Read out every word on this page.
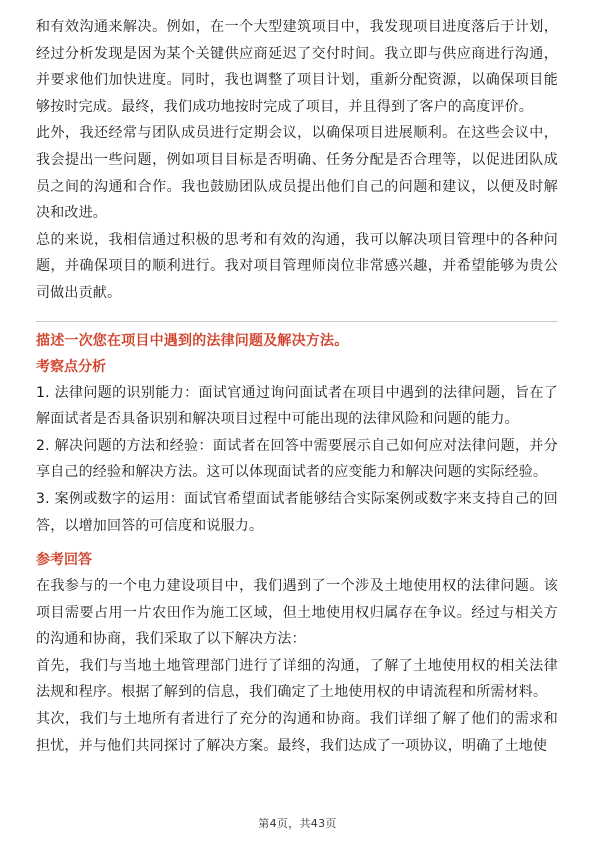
和有效沟通来解决。例如，在一个大型建筑项目中，我发现项目进度落后于计划，经过分析发现是因为某个关键供应商延迟了交付时间。我立即与供应商进行沟通，并要求他们加快进度。同时，我也调整了项目计划，重新分配资源，以确保项目能够按时完成。最终，我们成功地按时完成了项目，并且得到了客户的高度评价。

此外，我还经常与团队成员进行定期会议，以确保项目进展顺利。在这些会议中，我会提出一些问题，例如项目目标是否明确、任务分配是否合理等，以促进团队成员之间的沟通和合作。我也鼓励团队成员提出他们自己的问题和建议，以便及时解决和改进。

总的来说，我相信通过积极的思考和有效的沟通，我可以解决项目管理中的各种问题，并确保项目的顺利进行。我对项目管理师岗位非常感兴趣，并希望能够为贵公司做出贡献。

描述一次您在项目中遇到的法律问题及解决方法。

考察点分析

1. 法律问题的识别能力：面试官通过询问面试者在项目中遇到的法律问题，旨在了解面试者是否具备识别和解决项目过程中可能出现的法律风险和问题的能力。

2. 解决问题的方法和经验：面试者在回答中需要展示自己如何应对法律问题，并分享自己的经验和解决方法。这可以体现面试者的应变能力和解决问题的实际经验。

3. 案例或数字的运用：面试官希望面试者能够结合实际案例或数字来支持自己的回答，以增加回答的可信度和说服力。

参考回答

在我参与的一个电力建设项目中，我们遇到了一个涉及土地使用权的法律问题。该项目需要占用一片农田作为施工区域，但土地使用权归属存在争议。经过与相关方的沟通和协商，我们采取了以下解决方法：

首先，我们与当地土地管理部门进行了详细的沟通，了解了土地使用权的相关法律法规和程序。根据了解到的信息，我们确定了土地使用权的申请流程和所需材料。

其次，我们与土地所有者进行了充分的沟通和协商。我们详细了解了他们的需求和担忧，并与他们共同探讨了解决方案。最终，我们达成了一项协议，明确了土地使

第4页，共43页
